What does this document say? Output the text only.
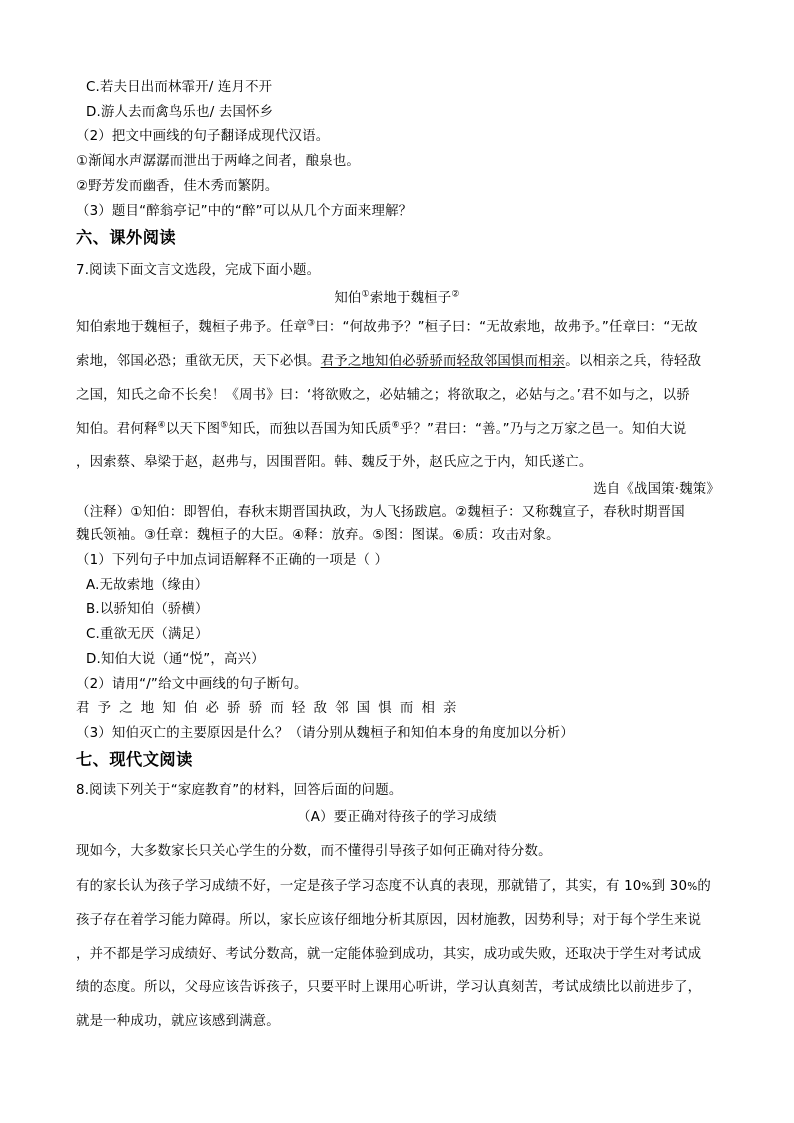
C.若夫日出而林霏开/ 连月不开
D.游人去而禽鸟乐也/ 去国怀乡
（2）把文中画线的句子翻译成现代汉语。
①渐闻水声潺潺而泄出于两峰之间者，酿泉也。
②野芳发而幽香，佳木秀而繁阴。
（3）题目“醉翁亭记”中的“醉”可以从几个方面来理解？
六、课外阅读
7.阅读下面文言文选段，完成下面小题。
知伯①索地于魏桓子②
知伯索地于魏桓子，魏桓子弗予。任章③曰：“何故弗予？”桓子曰：“无故索地，故弗予。”任章曰：“无故
索地，邻国必恐；重欲无厌，天下必惧。君予之地知伯必骄骄而轻敌邻国惧而相亲。以相亲之兵，待轻敌
之国，知氏之命不长矣！《周书》曰：‘将欲败之，必姑辅之；将欲取之，必姑与之。’君不如与之，以骄
知伯。君何释④以天下图⑤知氏，而独以吾国为知氏质⑥乎？”君曰：“善。”乃与之万家之邑一。知伯大说
，因索蔡、皋梁于赵，赵弗与，因围晋阳。韩、魏反于外，赵氏应之于内，知氏遂亡。
选自《战国策·魏策》
（注释）①知伯：即智伯，春秋末期晋国执政，为人飞扬跋扈。②魏桓子：又称魏宣子，春秋时期晋国
魏氏领袖。③任章：魏桓子的大臣。④释：放弃。⑤图：图谋。⑥质：攻击对象。
（1）下列句子中加点词语解释不正确的一项是（ ）
A.无故索地（缘由）
B.以骄知伯（骄横）
C.重欲无厌（满足）
D.知伯大说（通“悦”，高兴）
（2）请用“/”给文中画线的句子断句。
君予之地知伯必骄骄而轻敌邻国惧而相亲
（3）知伯灭亡的主要原因是什么？（请分别从魏桓子和知伯本身的角度加以分析）
七、现代文阅读
8.阅读下列关于“家庭教育”的材料，回答后面的问题。
（A）要正确对待孩子的学习成绩
现如今，大多数家长只关心学生的分数，而不懂得引导孩子如何正确对待分数。
有的家长认为孩子学习成绩不好，一定是孩子学习态度不认真的表现，那就错了，其实，有 10%到 30%的
孩子存在着学习能力障碍。所以，家长应该仔细地分析其原因，因材施教，因势利导；对于每个学生来说
，并不都是学习成绩好、考试分数高，就一定能体验到成功，其实，成功或失败，还取决于学生对考试成
绩的态度。所以，父母应该告诉孩子，只要平时上课用心听讲，学习认真刻苦，考试成绩比以前进步了，
就是一种成功，就应该感到满意。
